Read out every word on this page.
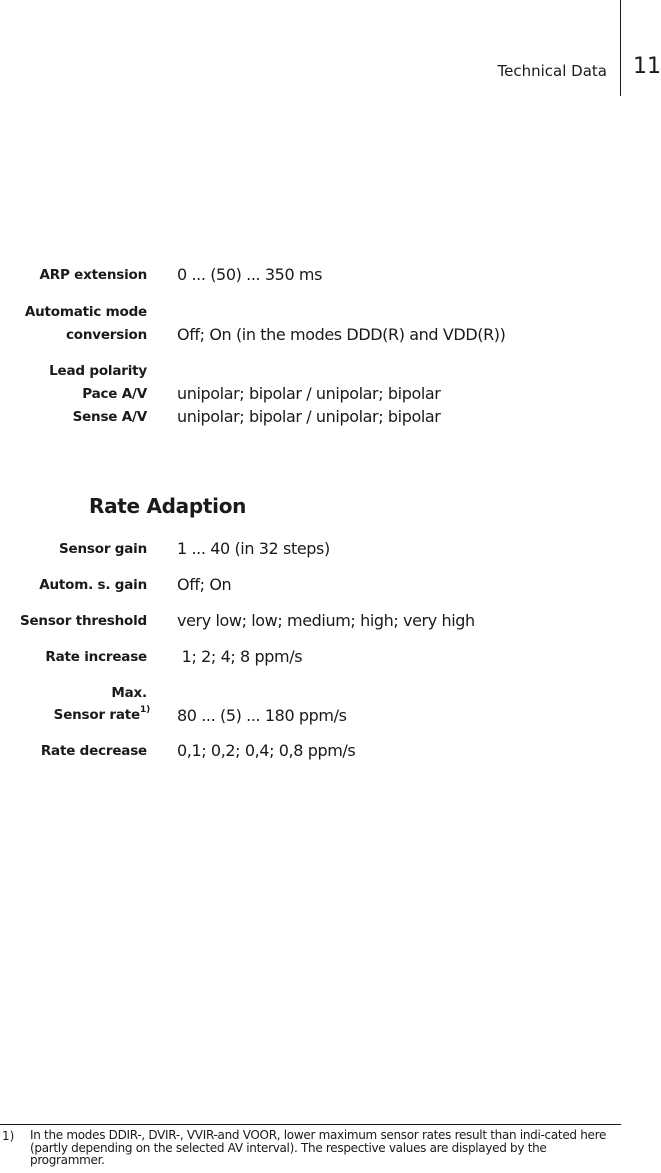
Technical Data 11
ARP extension 0 ... (50) ... 350 ms
Automatic mode
conversion Off; On (in the modes DDD(R) and VDD(R))
Lead polarity
Pace A/V unipolar; bipolar / unipolar; bipolar
Sense A/V unipolar; bipolar / unipolar; bipolar
Rate Adaption
Sensor gain 1 ... 40 (in 32 steps)
Autom. s. gain Off; On
Sensor threshold very low; low; medium; high; very high
Rate increase 1; 2; 4; 8 ppm/s
Max.
Sensor rate$^{1)}$ 80 ... (5) ... 180 ppm/s
Rate decrease 0,1; 0,2; 0,4; 0,8 ppm/s
1) In the modes DDIR-, DVIR-, VVIR-and VOOR, lower maximum sensor rates result than indi-cated here (partly depending on the selected AV interval). The respective values are displayed by the programmer.
